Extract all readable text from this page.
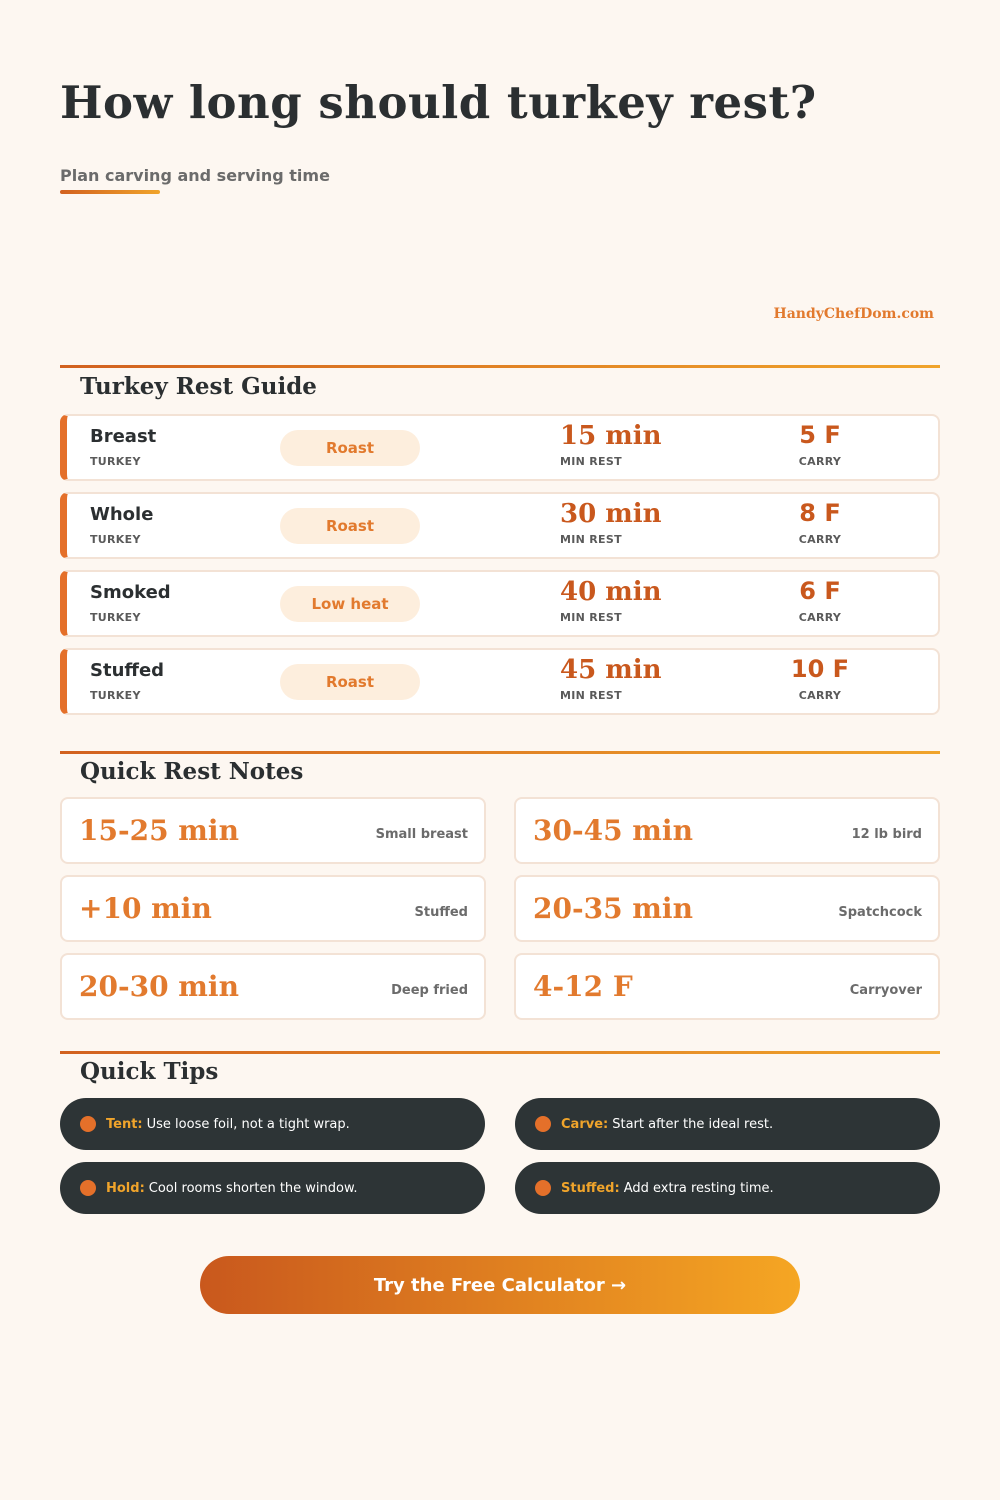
How long should turkey rest?
Plan carving and serving time
HandyChefDom.com
Turkey Rest Guide
Breast
TURKEY
Roast	15 min
MIN REST
5 F
CARRY
Whole
TURKEY
Roast	30 min
MIN REST
8 F
CARRY
Smoked
TURKEY
Low heat	40 min
MIN REST
6 F
CARRY
Stuffed
TURKEY
Roast	45 min
MIN REST
10 F
CARRY
Quick Rest Notes
15-25 min	Small breast 30-45 min	12 lb bird
+10 min	Stuffed 20-35 min	Spatchcock
20-30 min	Deep fried 4-12 F	Carryover
Quick Tips
Tent: Use loose foil, not a tight wrap.	Carve: Start after the ideal rest.
Hold: Cool rooms shorten the window.	Stuffed: Add extra resting time.
Try the Free Calculator →
